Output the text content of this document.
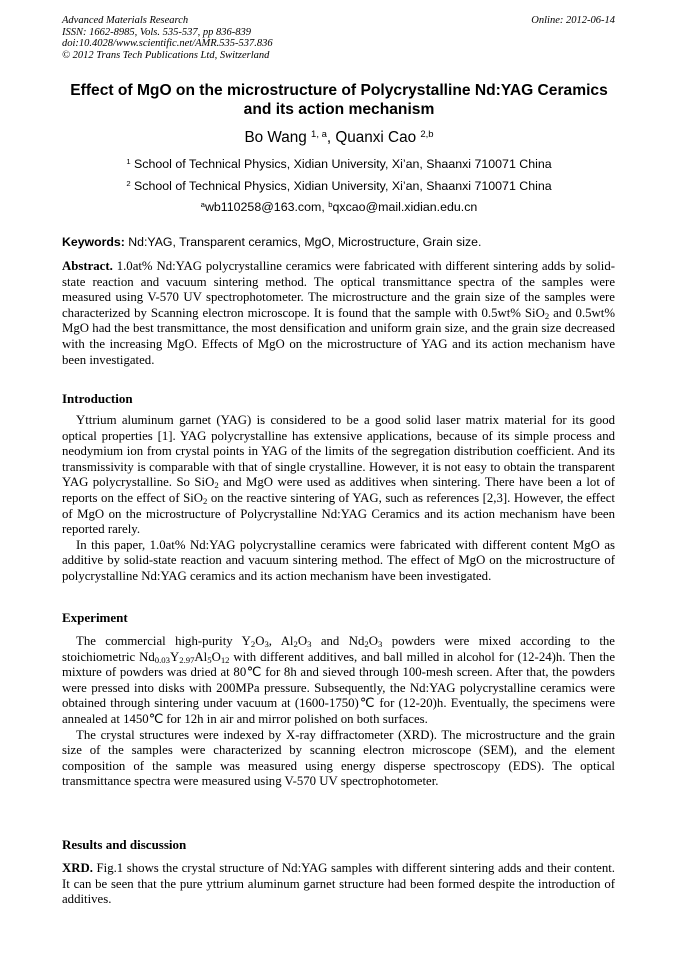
Advanced Materials Research
ISSN: 1662-8985, Vols. 535-537, pp 836-839
doi:10.4028/www.scientific.net/AMR.535-537.836
© 2012 Trans Tech Publications Ltd, Switzerland
Online: 2012-06-14
Effect of MgO on the microstructure of Polycrystalline Nd:YAG Ceramics
and its action mechanism
Bo Wang $^{1, a}$, Quanxi Cao $^{2,b}$
$^1$ School of Technical Physics, Xidian University, Xi’an, Shaanxi 710071 China
$^2$ School of Technical Physics, Xidian University, Xi’an, Shaanxi 710071 China
$^a$wb110258@163.com, $^b$qxcao@mail.xidian.edu.cn
Keywords: Nd:YAG, Transparent ceramics, MgO, Microstructure, Grain size.
Abstract. 1.0at% Nd:YAG polycrystalline ceramics were fabricated with different sintering adds by solid-state reaction and vacuum sintering method. The optical transmittance spectra of the samples were measured using V-570 UV spectrophotometer. The microstructure and the grain size of the samples were characterized by Scanning electron microscope. It is found that the sample with 0.5wt% SiO$_2$ and 0.5wt% MgO had the best transmittance, the most densification and uniform grain size, and the grain size decreased with the increasing MgO. Effects of MgO on the microstructure of YAG and its action mechanism have been investigated.
Introduction

Yttrium aluminum garnet (YAG) is considered to be a good solid laser matrix material for its good optical properties [1]. YAG polycrystalline has extensive applications, because of its simple process and neodymium ion from crystal points in YAG of the limits of the segregation distribution coefficient. And its transmissivity is comparable with that of single crystalline. However, it is not easy to obtain the transparent YAG polycrystalline. So SiO$_2$ and MgO were used as additives when sintering. There have been a lot of reports on the effect of SiO$_2$ on the reactive sintering of YAG, such as references [2,3]. However, the effect of MgO on the microstructure of Polycrystalline Nd:YAG Ceramics and its action mechanism have been reported rarely.

In this paper, 1.0at% Nd:YAG polycrystalline ceramics were fabricated with different content MgO as additive by solid-state reaction and vacuum sintering method. The effect of MgO on the microstructure of polycrystalline Nd:YAG ceramics and its action mechanism have been investigated.

Experiment

The commercial high-purity $Y_2O_3$, $Al_2O_3$ and $Nd_2O_3$ powders were mixed according to the stoichiometric $Nd_{0.03}Y_{2.97}Al_5O_{12}$ with different additives, and ball milled in alcohol for (12-24)h. Then the mixture of powders was dried at 80℃ for 8h and sieved through 100-mesh screen. After that, the powders were pressed into disks with 200MPa pressure. Subsequently, the Nd:YAG polycrystalline ceramics were obtained through sintering under vacuum at (1600-1750)℃ for (12-20)h. Eventually, the specimens were annealed at 1450℃ for 12h in air and mirror polished on both surfaces.

The crystal structures were indexed by X-ray diffractometer (XRD). The microstructure and the grain size of the samples were characterized by scanning electron microscope (SEM), and the element composition of the sample was measured using energy disperse spectroscopy (EDS). The optical transmittance spectra were measured using V-570 UV spectrophotometer.

Results and discussion
XRD. Fig.1 shows the crystal structure of Nd:YAG samples with different sintering adds and their content. It can be seen that the pure yttrium aluminum garnet structure had been formed despite the introduction of additives.
